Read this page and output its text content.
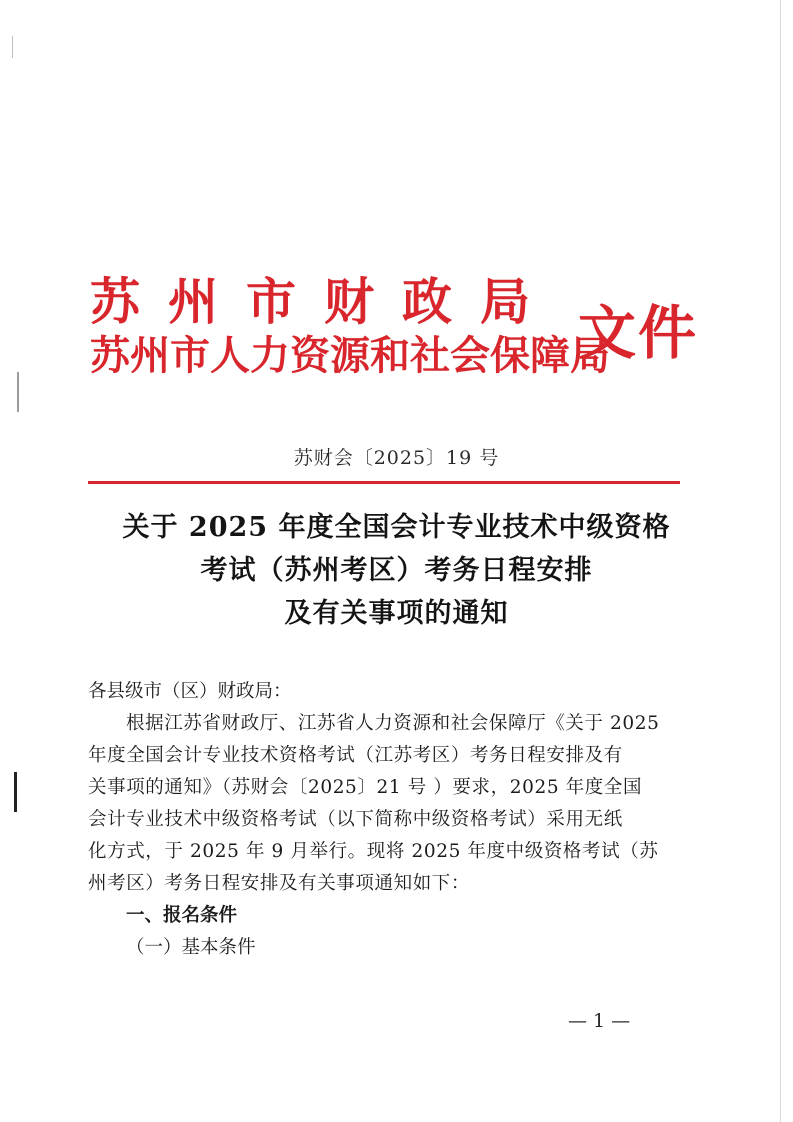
苏州市财政局
苏州市人力资源和社会保障局
文件
苏财会〔2025〕19 号
关于 2025 年度全国会计专业技术中级资格
考试（苏州考区）考务日程安排
及有关事项的通知
各县级市（区）财政局：
根据江苏省财政厅、江苏省人力资源和社会保障厅《关于 2025
年度全国会计专业技术资格考试（江苏考区）考务日程安排及有
关事项的通知》（苏财会〔2025〕21 号 ）要求，2025 年度全国
会计专业技术中级资格考试（以下简称中级资格考试）采用无纸
化方式，于 2025 年 9 月举行。现将 2025 年度中级资格考试（苏
州考区）考务日程安排及有关事项通知如下：
一、报名条件
（一）基本条件
— 1 —
